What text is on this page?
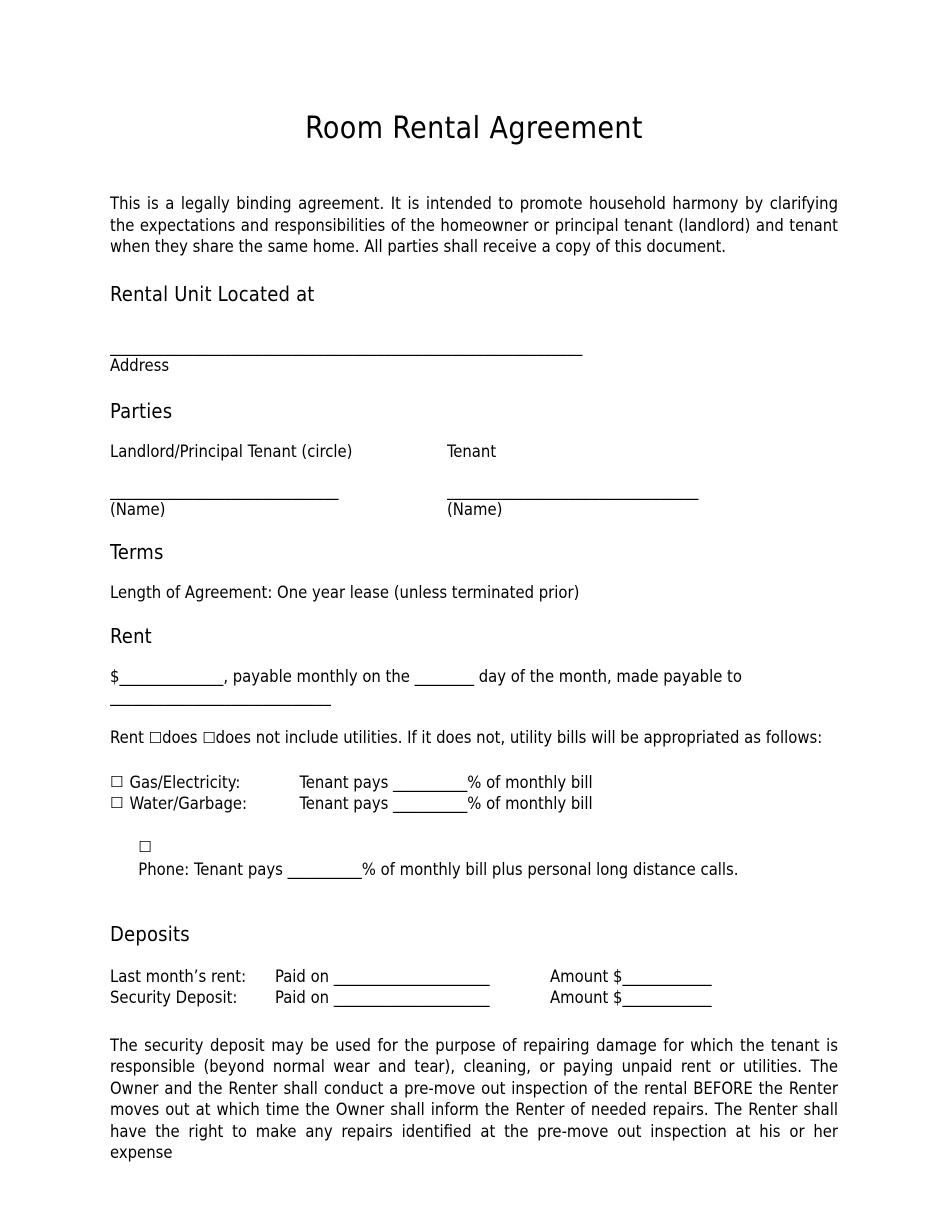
Room Rental Agreement

This is a legally binding agreement. It is intended to promote household harmony by clarifying the expectations and responsibilities of the homeowner or principal tenant (landlord) and tenant when they share the same home. All parties shall receive a copy of this document.

Rental Unit Located at
______________________________________________________________
Address
Parties
Landlord/Principal Tenant (circle)	Tenant
______________________________	_________________________________
(Name)	(Name)
Terms
Length of Agreement: One year lease (unless terminated prior)
Rent
$______________, payable monthly on the ________ day of the month, made payable to
_____________________________

Rent ☐does ☐does not include utilities. If it does not, utility bills will be appropriated as follows:

☐ Gas/Electricity:	Tenant pays __________% of monthly bill
☐ Water/Garbage:	Tenant pays __________% of monthly bill

☐
Phone: Tenant pays __________% of monthly bill plus personal long distance calls.

Deposits
Last month’s rent:	Paid on _____________________	Amount $____________
Security Deposit:	Paid on _____________________	Amount $____________

The security deposit may be used for the purpose of repairing damage for which the tenant is responsible (beyond normal wear and tear), cleaning, or paying unpaid rent or utilities. The Owner and the Renter shall conduct a pre-move out inspection of the rental BEFORE the Renter moves out at which time the Owner shall inform the Renter of needed repairs. The Renter shall have the right to make any repairs identified at the pre-move out inspection at his or her expense
